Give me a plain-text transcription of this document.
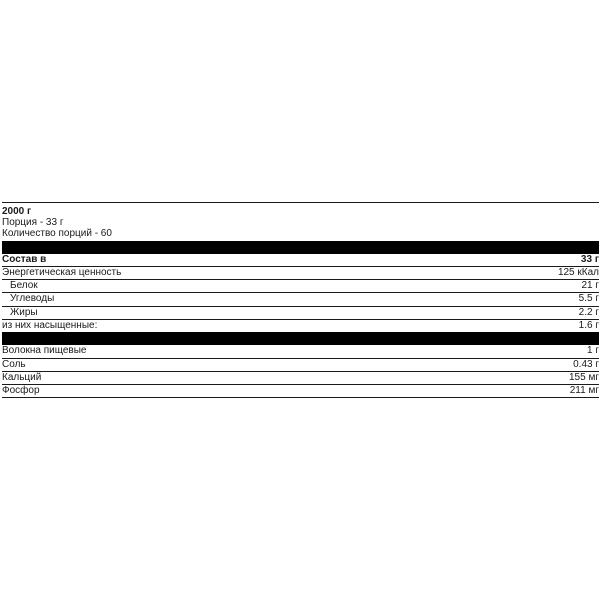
2000 г
Порция - 33 г
Количество порций - 60
Состав в	33 г
Энергетическая ценность	125 кКал
Белок	21 г
Углеводы	5.5 г
Жиры	2.2 г
из них насыщенные:	1.6 г
Волокна пищевые	1 г
Соль	0.43 г
Кальций	155 мг
Фосфор	211 мг
